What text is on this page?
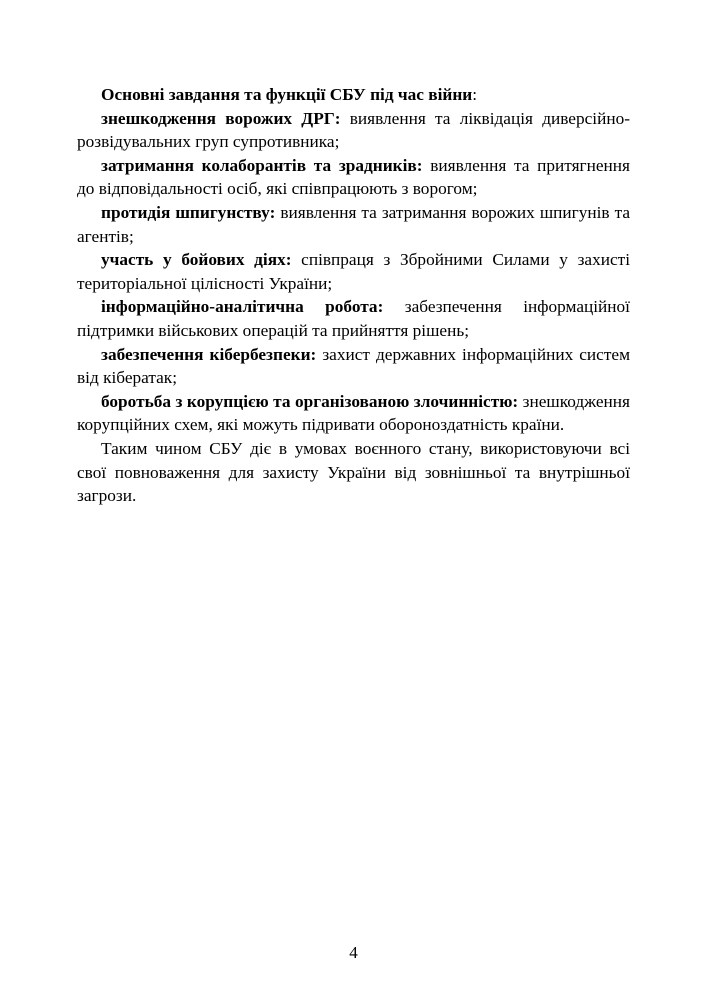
Основні завдання та функції СБУ під час війни:

знешкодження ворожих ДРГ: виявлення та ліквідація диверсійно-розвідувальних груп супротивника;

затримання колаборантів та зрадників: виявлення та притягнення до відповідальності осіб, які співпрацюють з ворогом;

протидія шпигунству: виявлення та затримання ворожих шпигунів та агентів;

участь у бойових діях: співпраця з Збройними Силами у захисті територіальної цілісності України;

інформаційно-аналітична робота: забезпечення інформаційної підтримки військових операцій та прийняття рішень;

забезпечення кібербезпеки: захист державних інформаційних систем від кібератак;

боротьба з корупцією та організованою злочинністю: знешкодження корупційних схем, які можуть підривати обороноздатність країни.

Таким чином СБУ діє в умовах воєнного стану, використовуючи всі свої повноваження для захисту України від зовнішньої та внутрішньої загрози.

4
